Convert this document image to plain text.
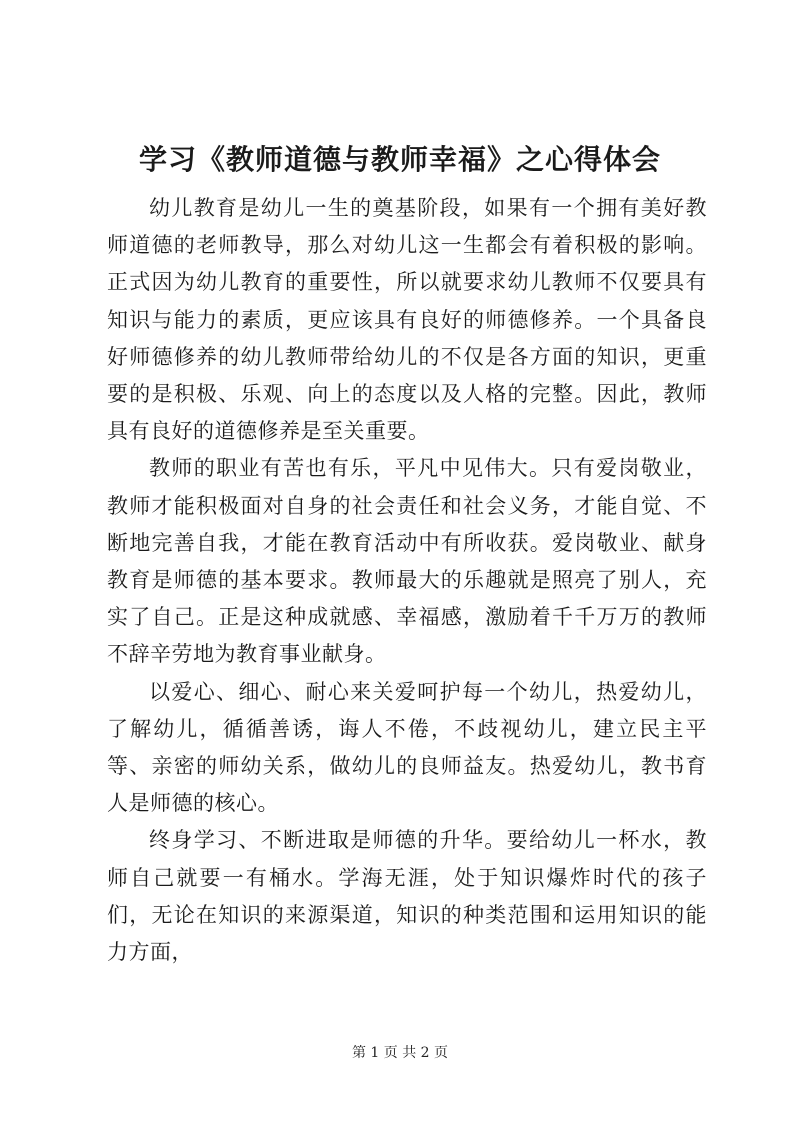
学习《教师道德与教师幸福》之心得体会

幼儿教育是幼儿一生的奠基阶段，如果有一个拥有美好教师道德的老师教导，那么对幼儿这一生都会有着积极的影响。正式因为幼儿教育的重要性，所以就要求幼儿教师不仅要具有知识与能力的素质，更应该具有良好的师德修养。一个具备良好师德修养的幼儿教师带给幼儿的不仅是各方面的知识，更重要的是积极、乐观、向上的态度以及人格的完整。因此，教师具有良好的道德修养是至关重要。

教师的职业有苦也有乐，平凡中见伟大。只有爱岗敬业，教师才能积极面对自身的社会责任和社会义务，才能自觉、不断地完善自我，才能在教育活动中有所收获。爱岗敬业、献身教育是师德的基本要求。教师最大的乐趣就是照亮了别人，充实了自己。正是这种成就感、幸福感，激励着千千万万的教师不辞辛劳地为教育事业献身。

以爱心、细心、耐心来关爱呵护每一个幼儿，热爱幼儿，了解幼儿，循循善诱，诲人不倦，不歧视幼儿，建立民主平等、亲密的师幼关系，做幼儿的良师益友。热爱幼儿，教书育人是师德的核心。

终身学习、不断进取是师德的升华。要给幼儿一杯水，教师自己就要一有桶水。学海无涯，处于知识爆炸时代的孩子们，无论在知识的来源渠道，知识的种类范围和运用知识的能力方面，

第 1 页 共 2 页
